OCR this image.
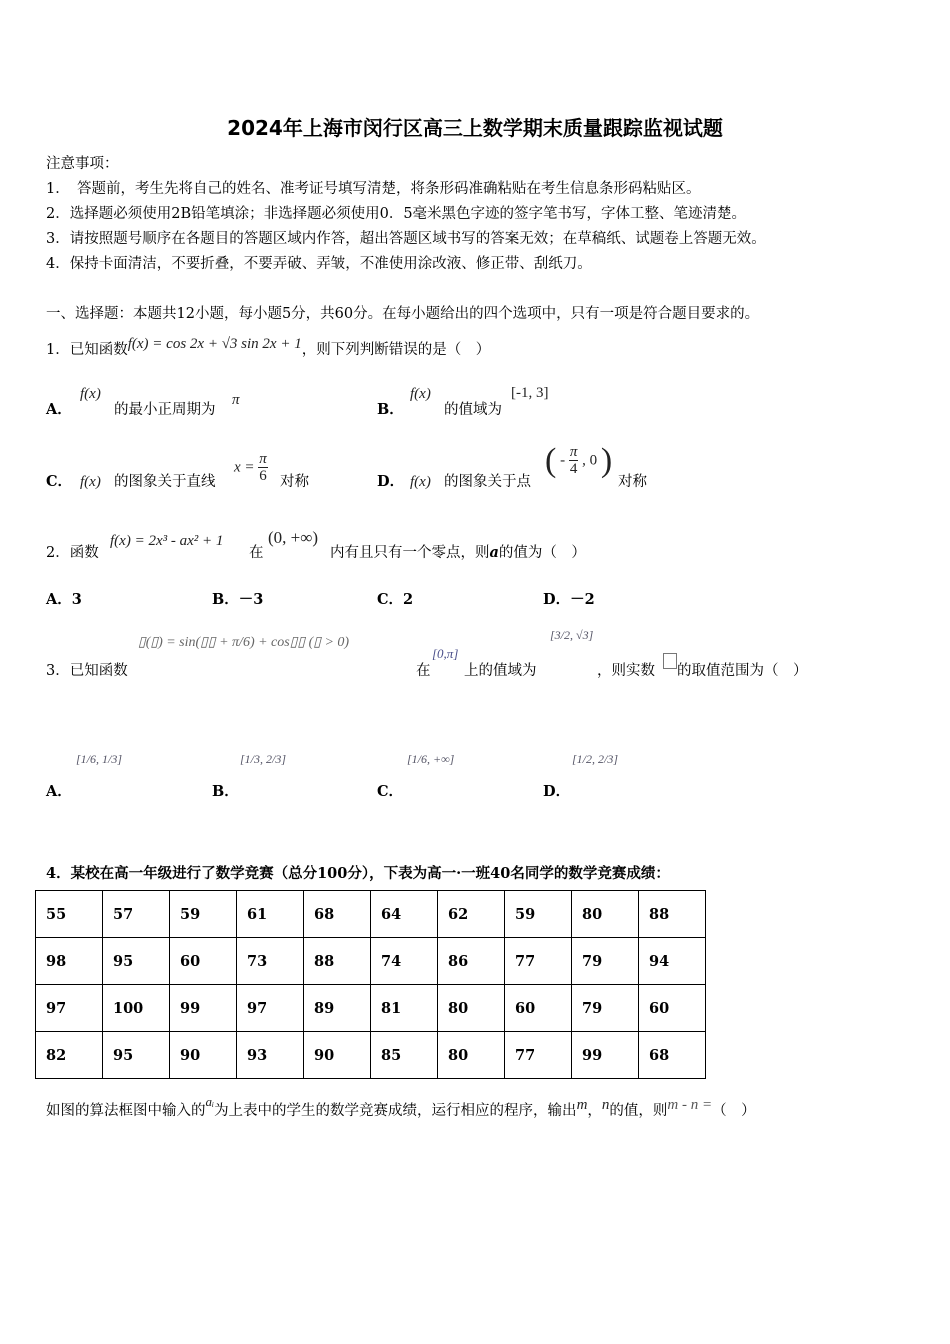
2024年上海市闵行区高三上数学期末质量跟踪监视试题
注意事项：
1．　答题前，考生先将自己的姓名、准考证号填写清楚，将条形码准确粘贴在考生信息条形码粘贴区。
2．选择题必须使用2B铅笔填涂；非选择题必须使用0．5毫米黑色字迹的签字笔书写，字体工整、笔迹清楚。
3．请按照题号顺序在各题目的答题区域内作答，超出答题区域书写的答案无效；在草稿纸、试题卷上答题无效。
4．保持卡面清洁，不要折叠，不要弄破、弄皱，不准使用涂改液、修正带、刮纸刀。
一、选择题：本题共12小题，每小题5分，共60分。在每小题给出的四个选项中，只有一项是符合题目要求的。
1．已知函数f(x) = cos 2x + √3 sin 2x + 1，则下列判断错误的是（　）
A．
f(x)
的最小正周期为
π
B．
f(x)
的值域为
[-1, 3]
C． f(x) 的图象关于直线
$x = \frac{\pi}{6}$ 对称	D． f(x) 的图象关于点
( - $\frac{\pi}{4}$ , 0 )
对称
2．函数
f(x) = 2x³ - ax² + 1
在
(0, +∞)
内有且只有一个零点，则a的值为（　）
A．3	B．－3	C．2	D．－2
▯(▯) = sin(▯▯ + π/6) + cos▯▯ (▯ > 0)
3．已知函数	在
[0,π]
上的值域为
[3/2, √3]
，则实数 的取值范围为（　）
[1/6, 1/3]
A．
[1/3, 2/3]
B．
[1/6, +∞]
C．
[1/2, 2/3]
D．
4．某校在高一年级进行了数学竞赛（总分100分），下表为高一·一班40名同学的数学竞赛成绩：
55	57	59	61	68	64	62	59	80	88
98	95	60	73	88	74	86	77	79	94
97	100	99	97	89	81	80	60	79	60
82	95	90	93	90	85	80	77	99	68
如图的算法框图中输入的aᵢ为上表中的学生的数学竞赛成绩，运行相应的程序，输出m，n的值，则m - n =（　）
